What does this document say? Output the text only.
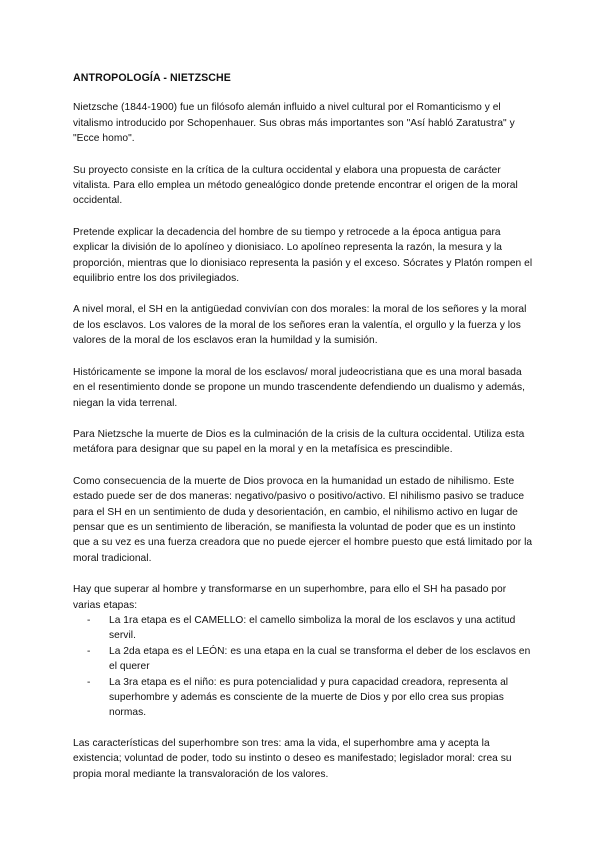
ANTROPOLOGÍA - NIETZSCHE

Nietzsche (1844-1900) fue un filósofo alemán influido a nivel cultural por el Romanticismo y el vitalismo introducido por Schopenhauer. Sus obras más importantes son "Así habló Zaratustra" y "Ecce homo".

Su proyecto consiste en la crítica de la cultura occidental y elabora una propuesta de carácter vitalista. Para ello emplea un método genealógico donde pretende encontrar el origen de la moral occidental.

Pretende explicar la decadencia del hombre de su tiempo y retrocede a la época antigua para explicar la división de lo apolíneo y dionisiaco. Lo apolíneo representa la razón, la mesura y la proporción, mientras que lo dionisiaco representa la pasión y el exceso. Sócrates y Platón rompen el equilibrio entre los dos privilegiados.

A nivel moral, el SH en la antigüedad convivían con dos morales: la moral de los señores y la moral de los esclavos. Los valores de la moral de los señores eran la valentía, el orgullo y la fuerza y los valores de la moral de los esclavos eran la humildad y la sumisión.

Históricamente se impone la moral de los esclavos/ moral judeocristiana que es una moral basada en el resentimiento donde se propone un mundo trascendente defendiendo un dualismo y además, niegan la vida terrenal.

Para Nietzsche la muerte de Dios es la culminación de la crisis de la cultura occidental. Utiliza esta metáfora para designar que su papel en la moral y en la metafísica es prescindible.

Como consecuencia de la muerte de Dios provoca en la humanidad un estado de nihilismo. Este estado puede ser de dos maneras: negativo/pasivo o positivo/activo. El nihilismo pasivo se traduce para el SH en un sentimiento de duda y desorientación, en cambio, el nihilismo activo en lugar de pensar que es un sentimiento de liberación, se manifiesta la voluntad de poder que es un instinto que a su vez es una fuerza creadora que no puede ejercer el hombre puesto que está limitado por la moral tradicional.

Hay que superar al hombre y transformarse en un superhombre, para ello el SH ha pasado por varias etapas:

- La 1ra etapa es el CAMELLO: el camello simboliza la moral de los esclavos y una actitud servil.
- La 2da etapa es el LEÓN: es una etapa en la cual se transforma el deber de los esclavos en el querer
- La 3ra etapa es el niño: es pura potencialidad y pura capacidad creadora, representa al superhombre y además es consciente de la muerte de Dios y por ello crea sus propias normas.

Las características del superhombre son tres: ama la vida, el superhombre ama y acepta la existencia; voluntad de poder, todo su instinto o deseo es manifestado; legislador moral: crea su propia moral mediante la transvaloración de los valores.
